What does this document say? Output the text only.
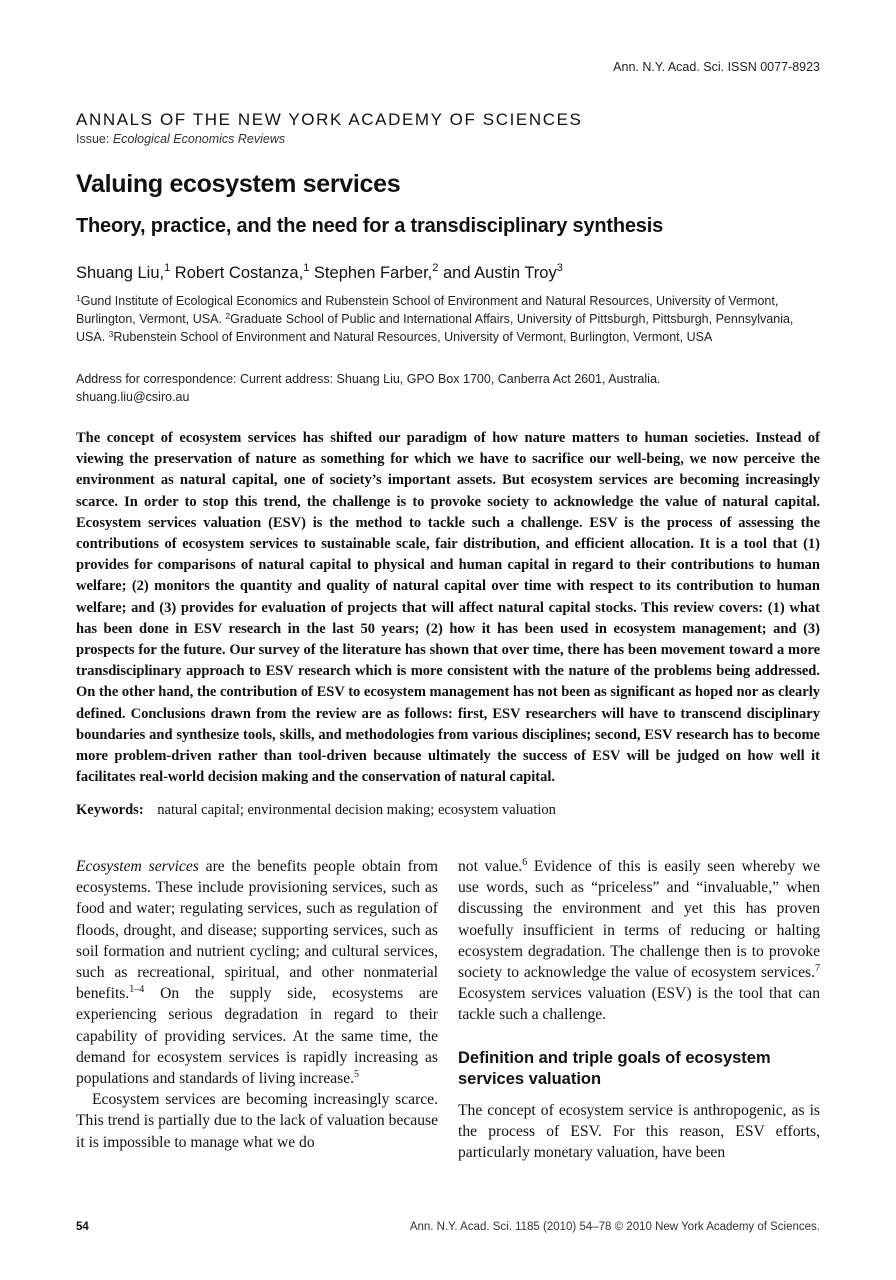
Ann. N.Y. Acad. Sci. ISSN 0077-8923
ANNALS OF THE NEW YORK ACADEMY OF SCIENCES
Issue: Ecological Economics Reviews
Valuing ecosystem services
Theory, practice, and the need for a transdisciplinary synthesis
Shuang Liu,$^1$ Robert Costanza,$^1$ Stephen Farber,$^2$ and Austin Troy$^3$
$^1$Gund Institute of Ecological Economics and Rubenstein School of Environment and Natural Resources, University of Vermont, Burlington, Vermont, USA. $^2$Graduate School of Public and International Affairs, University of Pittsburgh, Pittsburgh, Pennsylvania, USA. $^3$Rubenstein School of Environment and Natural Resources, University of Vermont, Burlington, Vermont, USA
Address for correspondence: Current address: Shuang Liu, GPO Box 1700, Canberra Act 2601, Australia.
shuang.liu@csiro.au

The concept of ecosystem services has shifted our paradigm of how nature matters to human societies. Instead of viewing the preservation of nature as something for which we have to sacrifice our well-being, we now perceive the environment as natural capital, one of society’s important assets. But ecosystem services are becoming increasingly scarce. In order to stop this trend, the challenge is to provoke society to acknowledge the value of natural capital. Ecosystem services valuation (ESV) is the method to tackle such a challenge. ESV is the process of assessing the contributions of ecosystem services to sustainable scale, fair distribution, and efficient allocation. It is a tool that (1) provides for comparisons of natural capital to physical and human capital in regard to their contributions to human welfare; (2) monitors the quantity and quality of natural capital over time with respect to its contribution to human welfare; and (3) provides for evaluation of projects that will affect natural capital stocks. This review covers: (1) what has been done in ESV research in the last 50 years; (2) how it has been used in ecosystem management; and (3) prospects for the future. Our survey of the literature has shown that over time, there has been movement toward a more transdisciplinary approach to ESV research which is more consistent with the nature of the problems being addressed. On the other hand, the contribution of ESV to ecosystem management has not been as significant as hoped nor as clearly defined. Conclusions drawn from the review are as follows: first, ESV researchers will have to transcend disciplinary boundaries and synthesize tools, skills, and methodologies from various disciplines; second, ESV research has to become more problem-driven rather than tool-driven because ultimately the success of ESV will be judged on how well it facilitates real-world decision making and the conservation of natural capital.

Keywords: natural capital; environmental decision making; ecosystem valuation

Ecosystem services are the benefits people obtain from ecosystems. These include provisioning services, such as food and water; regulating services, such as regulation of floods, drought, and disease; supporting services, such as soil formation and nutrient cycling; and cultural services, such as recreational, spiritual, and other nonmaterial benefits.$^{1-4}$ On the supply side, ecosystems are experiencing serious degradation in regard to their capability of providing services. At the same time, the demand for ecosystem services is rapidly increasing as populations and standards of living increase.$^5$

Ecosystem services are becoming increasingly scarce. This trend is partially due to the lack of valuation because it is impossible to manage what we do

not value.$^6$ Evidence of this is easily seen whereby we use words, such as “priceless” and “invaluable,” when discussing the environment and yet this has proven woefully insufficient in terms of reducing or halting ecosystem degradation. The challenge then is to provoke society to acknowledge the value of ecosystem services.$^7$ Ecosystem services valuation (ESV) is the tool that can tackle such a challenge.

Definition and triple goals of ecosystem services valuation

The concept of ecosystem service is anthropogenic, as is the process of ESV. For this reason, ESV efforts, particularly monetary valuation, have been

54	Ann. N.Y. Acad. Sci. 1185 (2010) 54–78 © 2010 New York Academy of Sciences.
